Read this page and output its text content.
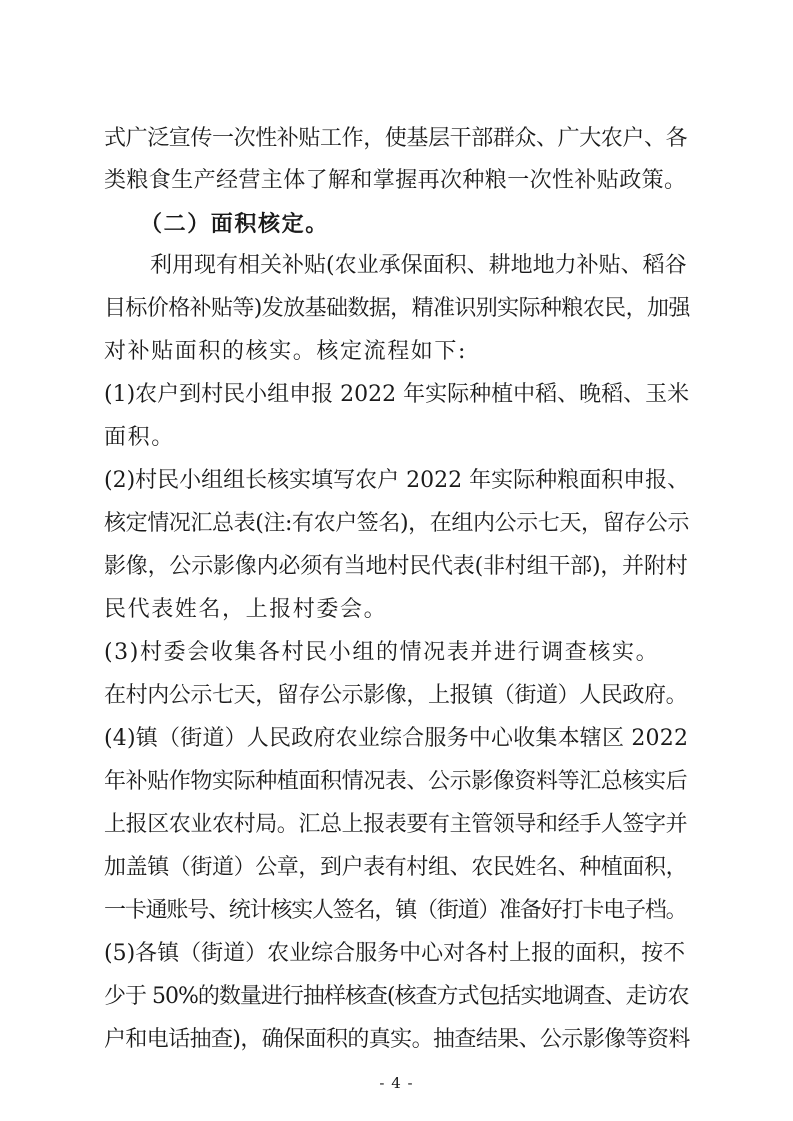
式广泛宣传一次性补贴工作，使基层干部群众、广大农户、各
类粮食生产经营主体了解和掌握再次种粮一次性补贴政策。
（二）面积核定。
利用现有相关补贴(农业承保面积、耕地地力补贴、稻谷
目标价格补贴等)发放基础数据，精准识别实际种粮农民，加强
对补贴面积的核实。核定流程如下:
(1)农户到村民小组申报 2022 年实际种植中稻、晚稻、玉米
面积。
(2)村民小组组长核实填写农户 2022 年实际种粮面积申报、
核定情况汇总表(注:有农户签名)，在组内公示七天，留存公示
影像，公示影像内必须有当地村民代表(非村组干部)，并附村
民代表姓名，上报村委会。
(3)村委会收集各村民小组的情况表并进行调查核实。
在村内公示七天，留存公示影像，上报镇（街道）人民政府。
(4)镇（街道）人民政府农业综合服务中心收集本辖区 2022
年补贴作物实际种植面积情况表、公示影像资料等汇总核实后
上报区农业农村局。汇总上报表要有主管领导和经手人签字并
加盖镇（街道）公章，到户表有村组、农民姓名、种植面积，
一卡通账号、统计核实人签名，镇（街道）准备好打卡电子档。
(5)各镇（街道）农业综合服务中心对各村上报的面积，按不
少于 50%的数量进行抽样核查(核查方式包括实地调查、走访农
户和电话抽查)，确保面积的真实。抽查结果、公示影像等资料
- 4 -
